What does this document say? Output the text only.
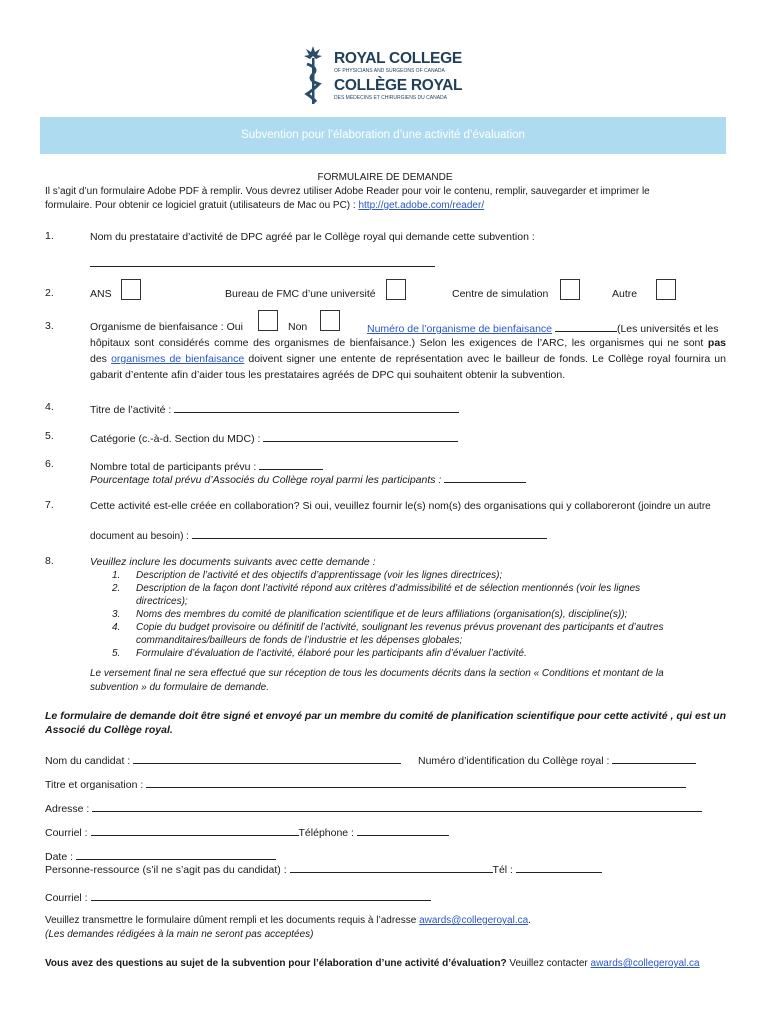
ROYAL COLLEGE
OF PHYSICIANS AND SURGEONS OF CANADA
COLLÈGE ROYAL
DES MÉDECINS ET CHIRURGIENS DU CANADA
Subvention pour l’élaboration d’une activité d’évaluation
FORMULAIRE DE DEMANDE
Il s’agit d’un formulaire Adobe PDF à remplir. Vous devrez utiliser Adobe Reader pour voir le contenu, remplir, sauvegarder et imprimer le
formulaire. Pour obtenir ce logiciel gratuit (utilisateurs de Mac ou PC) : http://get.adobe.com/reader/
1.	Nom du prestataire d’activité de DPC agréé par le Collège royal qui demande cette subvention :
2.	ANS	Bureau de FMC d’une université	Centre de simulation	Autre
3.	Organisme de bienfaisance : Oui	Non	Numéro de l’organisme de bienfaisance	(Les universités et les
hôpitaux sont considérés comme des organismes de bienfaisance.) Selon les exigences de l’ARC, les organismes qui ne sont pas
des organismes de bienfaisance doivent signer une entente de représentation avec le bailleur de fonds. Le Collège royal fournira un
gabarit d’entente afin d’aider tous les prestataires agréés de DPC qui souhaitent obtenir la subvention.
4.	Titre de l’activité :
5.	Catégorie (c.-à-d. Section du MDC) :
6.	Nombre total de participants prévu :
Pourcentage total prévu d’Associés du Collège royal parmi les participants :
7.	Cette activité est-elle créée en collaboration? Si oui, veuillez fournir le(s) nom(s) des organisations qui y collaboreront (joindre un autre
document au besoin) :
8.	Veuillez inclure les documents suivants avec cette demande :
1. Description de l’activité et des objectifs d’apprentissage (voir les lignes directrices);
2. Description de la façon dont l’activité répond aux critères d’admissibilité et de sélection mentionnés (voir les lignes
directrices);
3. Noms des membres du comité de planification scientifique et de leurs affiliations (organisation(s), discipline(s));
4. Copie du budget provisoire ou définitif de l’activité, soulignant les revenus prévus provenant des participants et d’autres
commanditaires/bailleurs de fonds de l’industrie et les dépenses globales;
5. Formulaire d’évaluation de l’activité, élaboré pour les participants afin d’évaluer l’activité.
Le versement final ne sera effectué que sur réception de tous les documents décrits dans la section « Conditions et montant de la
subvention » du formulaire de demande.
Le formulaire de demande doit être signé et envoyé par un membre du comité de planification scientifique pour cette activité , qui est un
Associé du Collège royal.
Nom du candidat :	Numéro d’identification du Collège royal :
Titre et organisation :
Adresse :
Courriel :	Téléphone :
Date :
Personne-ressource (s’il ne s’agit pas du candidat) :	Tél :
Courriel :
Veuillez transmettre le formulaire dûment rempli et les documents requis à l’adresse awards@collegeroyal.ca.
(Les demandes rédigées à la main ne seront pas acceptées)
Vous avez des questions au sujet de la subvention pour l’élaboration d’une activité d’évaluation? Veuillez contacter awards@collegeroyal.ca
